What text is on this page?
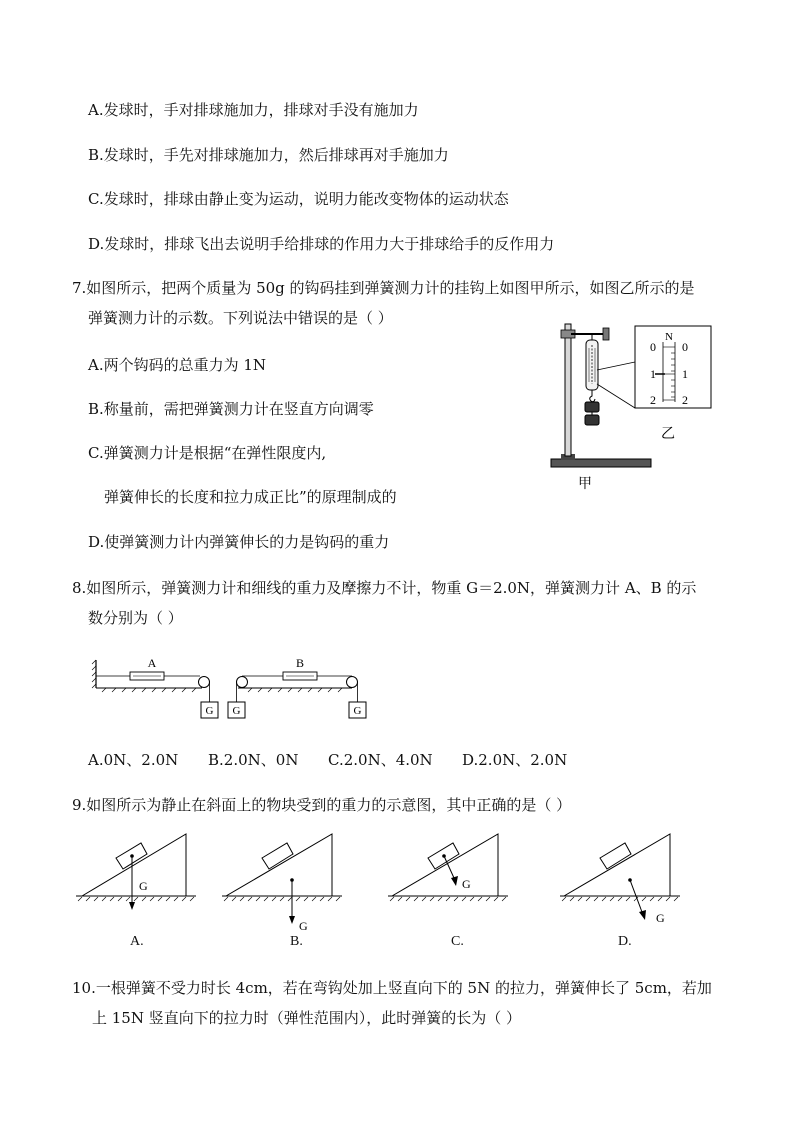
A.发球时，手对排球施加力，排球对手没有施加力
B.发球时，手先对排球施加力，然后排球再对手施加力
C.发球时，排球由静止变为运动，说明力能改变物体的运动状态
D.发球时，排球飞出去说明手给排球的作用力大于排球给手的反作用力
7.如图所示，把两个质量为 50g 的钩码挂到弹簧测力计的挂钩上如图甲所示，如图乙所示的是
弹簧测力计的示数。下列说法中错误的是（ ）
A.两个钩码的总重力为 1N
B.称量前，需把弹簧测力计在竖直方向调零
C.弹簧测力计是根据“在弹性限度内,
弹簧伸长的长度和拉力成正比”的原理制成的
D.使弹簧测力计内弹簧伸长的力是钩码的重力
N
0
1
2
0
1
2
乙
甲
8.如图所示，弹簧测力计和细线的重力及摩擦力不计，物重 G＝2.0N，弹簧测力计 A、B 的示
数分别为（ ）
A
G G	G
B
A.0N、2.0N B.2.0N、0N C.2.0N、4.0N D.2.0N、2.0N
9.如图所示为静止在斜面上的物块受到的重力的示意图，其中正确的是（ ）
G
G
G
G
A.	B.	C.	D.
10.一根弹簧不受力时长 4cm，若在弯钩处加上竖直向下的 5N 的拉力，弹簧伸长了 5cm，若加
上 15N 竖直向下的拉力时（弹性范围内），此时弹簧的长为（ ）
